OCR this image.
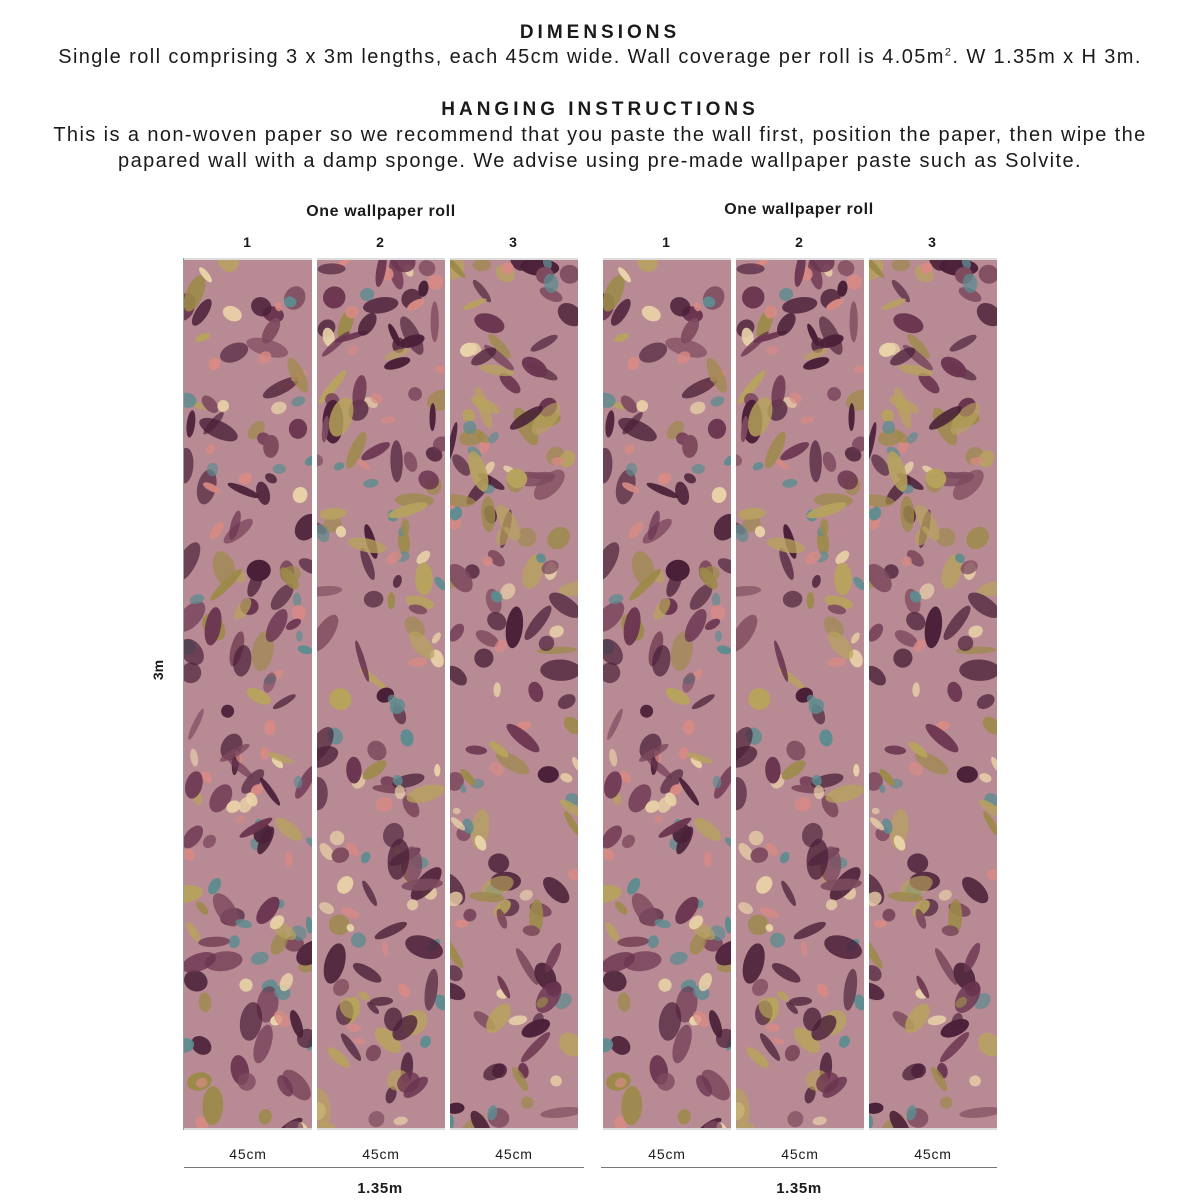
DIMENSIONS
Single roll comprising 3 x 3m lengths, each 45cm wide. Wall coverage per roll is $4.05m^2$. W 1.35m x H 3m.
HANGING INSTRUCTIONS
This is a non-woven paper so we recommend that you paste the wall first, position the paper, then wipe the
papared wall with a damp sponge. We advise using pre-made wallpaper paste such as Solvite.
One wallpaper roll
1	2	3
One wallpaper roll
1	2	3
3m
45cm	45cm	45cm	45cm	45cm	45cm
1.35m	1.35m
